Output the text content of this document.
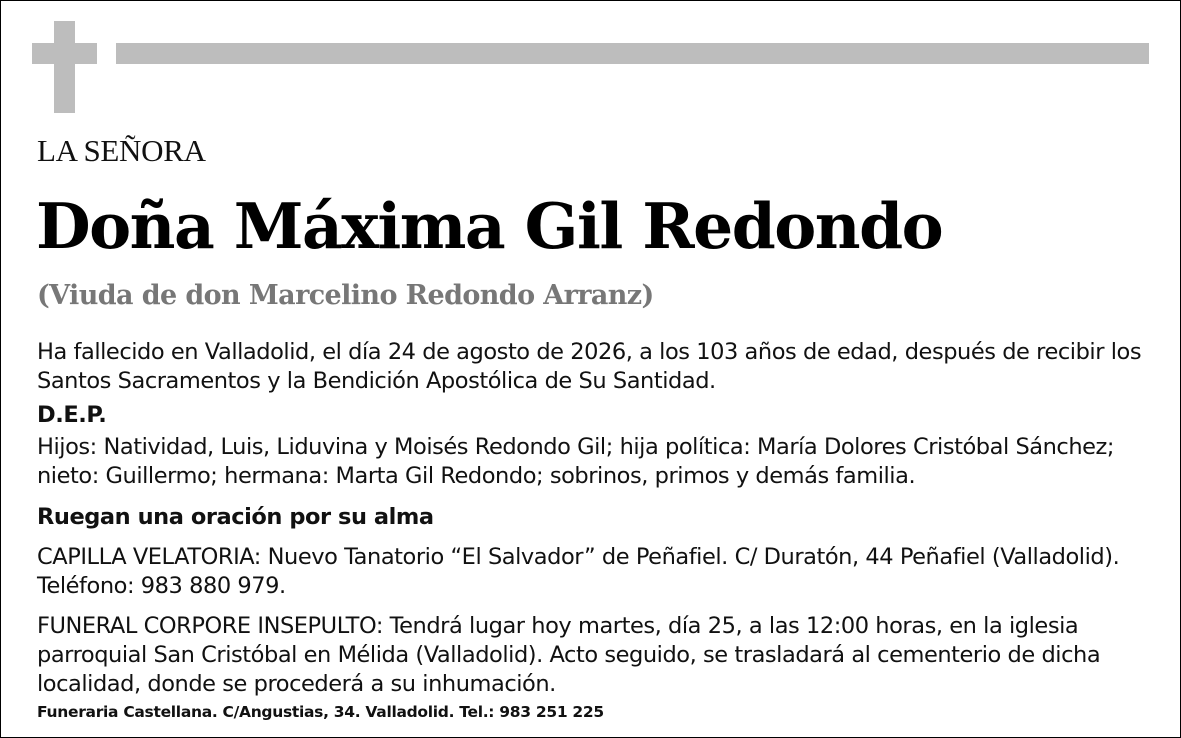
LA SEÑORA
Doña Máxima Gil Redondo
(Viuda de don Marcelino Redondo Arranz)
Ha fallecido en Valladolid, el día 24 de agosto de 2026, a los 103 años de edad, después de recibir los Santos Sacramentos y la Bendición Apostólica de Su Santidad.
D.E.P.
Hijos: Natividad, Luis, Liduvina y Moisés Redondo Gil; hija política: María Dolores Cristóbal Sánchez; nieto: Guillermo; hermana: Marta Gil Redondo; sobrinos, primos y demás familia.
Ruegan una oración por su alma
CAPILLA VELATORIA: Nuevo Tanatorio “El Salvador” de Peñafiel. C/ Duratón, 44 Peñafiel (Valladolid). Teléfono: 983 880 979.
FUNERAL CORPORE INSEPULTO: Tendrá lugar hoy martes, día 25, a las 12:00 horas, en la iglesia parroquial San Cristóbal en Mélida (Valladolid). Acto seguido, se trasladará al cementerio de dicha localidad, donde se procederá a su inhumación.
Funeraria Castellana. C/Angustias, 34. Valladolid. Tel.: 983 251 225
